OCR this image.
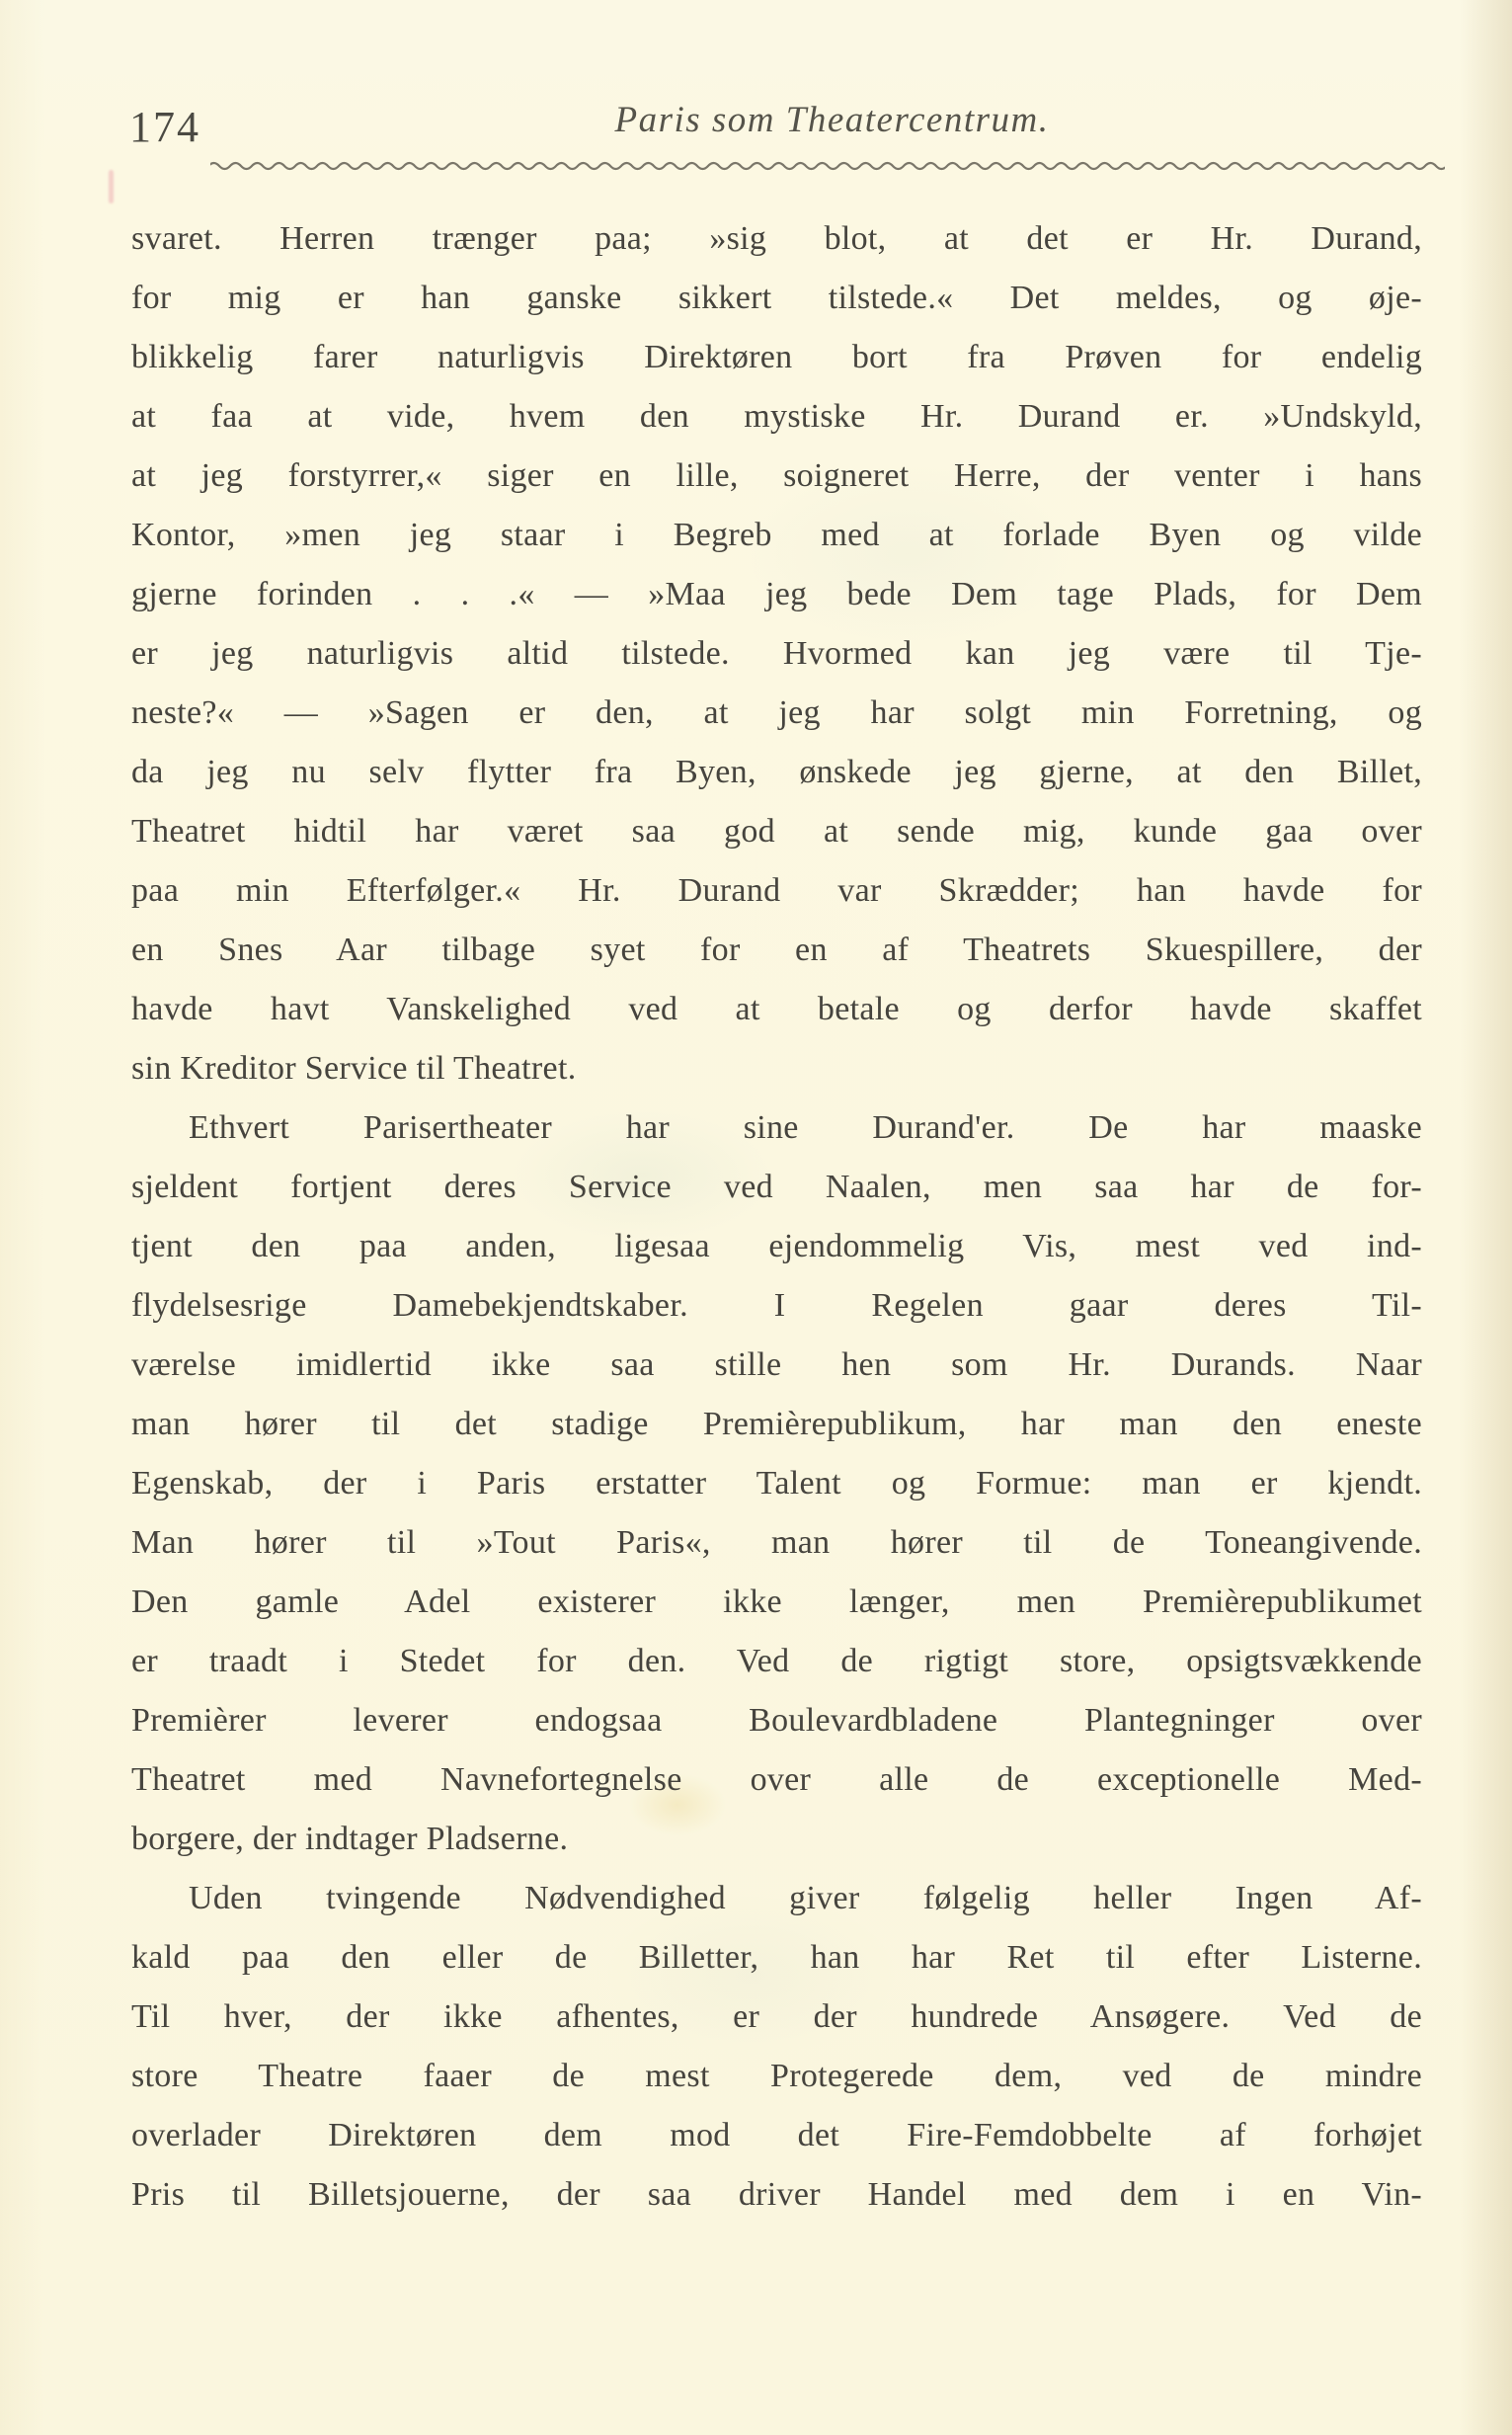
174	Paris som Theatercentrum.
svaret. Herren trænger paa; »sig blot, at det er Hr. Durand,
for mig er han ganske sikkert tilstede.« Det meldes, og øje-
blikkelig farer naturligvis Direktøren bort fra Prøven for endelig
at faa at vide, hvem den mystiske Hr. Durand er. »Undskyld,
at jeg forstyrrer,« siger en lille, soigneret Herre, der venter i hans
Kontor, »men jeg staar i Begreb med at forlade Byen og vilde
gjerne forinden . . .« — »Maa jeg bede Dem tage Plads, for Dem
er jeg naturligvis altid tilstede. Hvormed kan jeg være til Tje-
neste?« — »Sagen er den, at jeg har solgt min Forretning, og
da jeg nu selv flytter fra Byen, ønskede jeg gjerne, at den Billet,
Theatret hidtil har været saa god at sende mig, kunde gaa over
paa min Efterfølger.« Hr. Durand var Skrædder; han havde for
en Snes Aar tilbage syet for en af Theatrets Skuespillere, der
havde havt Vanskelighed ved at betale og derfor havde skaffet
sin Kreditor Service til Theatret.
Ethvert Parisertheater har sine Durand'er. De har maaske
sjeldent fortjent deres Service ved Naalen, men saa har de for-
tjent den paa anden, ligesaa ejendommelig Vis, mest ved ind-
flydelsesrige Damebekjendtskaber. I Regelen gaar deres Til-
værelse imidlertid ikke saa stille hen som Hr. Durands. Naar
man hører til det stadige Premièrepublikum, har man den eneste
Egenskab, der i Paris erstatter Talent og Formue: man er kjendt.
Man hører til »Tout Paris«, man hører til de Toneangivende.
Den gamle Adel existerer ikke længer, men Premièrepublikumet
er traadt i Stedet for den. Ved de rigtigt store, opsigtsvækkende
Premièrer leverer endogsaa Boulevardbladene Plantegninger over
Theatret med Navnefortegnelse over alle de exceptionelle Med-
borgere, der indtager Pladserne.
Uden tvingende Nødvendighed giver følgelig heller Ingen Af-
kald paa den eller de Billetter, han har Ret til efter Listerne.
Til hver, der ikke afhentes, er der hundrede Ansøgere. Ved de
store Theatre faaer de mest Protegerede dem, ved de mindre
overlader Direktøren dem mod det Fire-Femdobbelte af forhøjet
Pris til Billetsjouerne, der saa driver Handel med dem i en Vin-
